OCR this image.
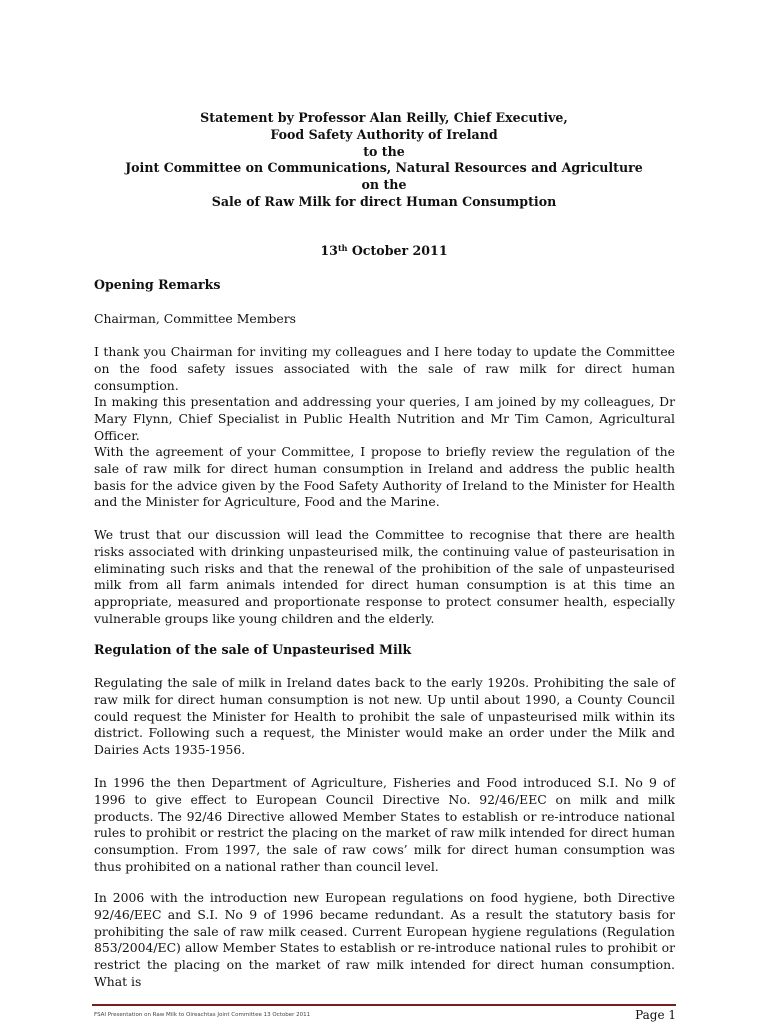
Statement by Professor Alan Reilly, Chief Executive,
Food Safety Authority of Ireland
to the
Joint Committee on Communications, Natural Resources and Agriculture
on the
Sale of Raw Milk for direct Human Consumption
13th October 2011
Opening Remarks
Chairman, Committee Members
I thank you Chairman for inviting my colleagues and I here today to update the Committee on the food safety issues associated with the sale of raw milk for direct human consumption.
In making this presentation and addressing your queries, I am joined by my colleagues, Dr Mary Flynn, Chief Specialist in Public Health Nutrition and Mr Tim Camon, Agricultural Officer.
With the agreement of your Committee, I propose to briefly review the regulation of the sale of raw milk for direct human consumption in Ireland and address the public health basis for the advice given by the Food Safety Authority of Ireland to the Minister for Health and the Minister for Agriculture, Food and the Marine.
We trust that our discussion will lead the Committee to recognise that there are health risks associated with drinking unpasteurised milk, the continuing value of pasteurisation in eliminating such risks and that the renewal of the prohibition of the sale of unpasteurised milk from all farm animals intended for direct human consumption is at this time an appropriate, measured and proportionate response to protect consumer health, especially vulnerable groups like young children and the elderly.
Regulation of the sale of Unpasteurised Milk
Regulating the sale of milk in Ireland dates back to the early 1920s. Prohibiting the sale of raw milk for direct human consumption is not new. Up until about 1990, a County Council could request the Minister for Health to prohibit the sale of unpasteurised milk within its district. Following such a request, the Minister would make an order under the Milk and Dairies Acts 1935-1956.
In 1996 the then Department of Agriculture, Fisheries and Food introduced S.I. No 9 of 1996 to give effect to European Council Directive No. 92/46/EEC on milk and milk products. The 92/46 Directive allowed Member States to establish or re-introduce national rules to prohibit or restrict the placing on the market of raw milk intended for direct human consumption. From 1997, the sale of raw cows’ milk for direct human consumption was thus prohibited on a national rather than council level.
In 2006 with the introduction new European regulations on food hygiene, both Directive 92/46/EEC and S.I. No 9 of 1996 became redundant. As a result the statutory basis for prohibiting the sale of raw milk ceased. Current European hygiene regulations (Regulation 853/2004/EC) allow Member States to establish or re-introduce national rules to prohibit or restrict the placing on the market of raw milk intended for direct human consumption. What is
FSAI Presentation on Raw Milk to Oireachtas Joint Committee 13 October 2011	Page 1
